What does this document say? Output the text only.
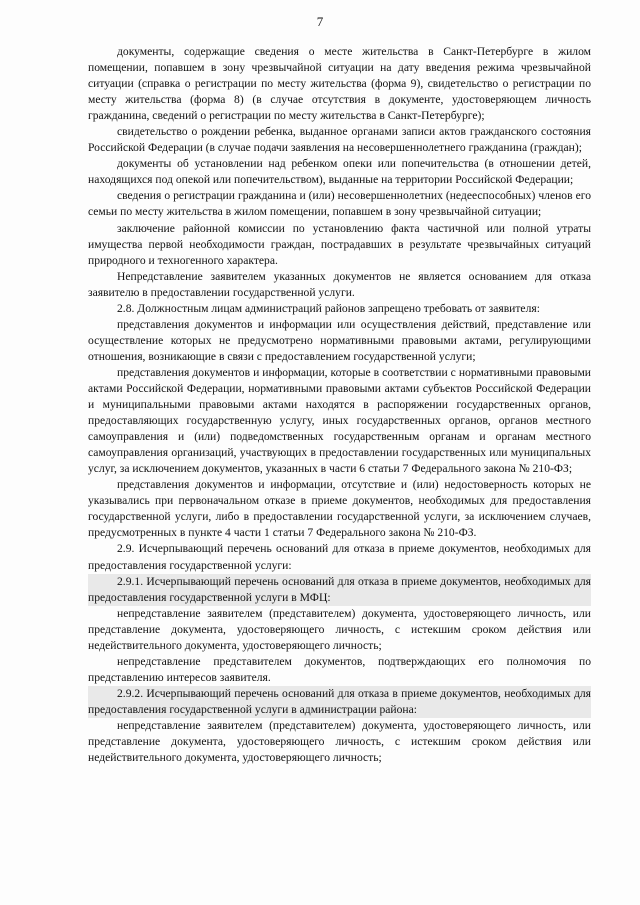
7

документы, содержащие сведения о месте жительства в Санкт-Петербурге в жилом помещении, попавшем в зону чрезвычайной ситуации на дату введения режима чрезвычайной ситуации (справка о регистрации по месту жительства (форма 9), свидетельство о регистрации по месту жительства (форма 8) (в случае отсутствия в документе, удостоверяющем личность гражданина, сведений о регистрации по месту жительства в Санкт-Петербурге);

свидетельство о рождении ребенка, выданное органами записи актов гражданского состояния Российской Федерации (в случае подачи заявления на несовершеннолетнего гражданина (граждан);

документы об установлении над ребенком опеки или попечительства (в отношении детей, находящихся под опекой или попечительством), выданные на территории Российской Федерации;

сведения о регистрации гражданина и (или) несовершеннолетних (недееспособных) членов его семьи по месту жительства в жилом помещении, попавшем в зону чрезвычайной ситуации;

заключение районной комиссии по установлению факта частичной или полной утраты имущества первой необходимости граждан, пострадавших в результате чрезвычайных ситуаций природного и техногенного характера.

Непредставление заявителем указанных документов не является основанием для отказа заявителю в предоставлении государственной услуги.

2.8. Должностным лицам администраций районов запрещено требовать от заявителя:

представления документов и информации или осуществления действий, представление или осуществление которых не предусмотрено нормативными правовыми актами, регулирующими отношения, возникающие в связи с предоставлением государственной услуги;

представления документов и информации, которые в соответствии с нормативными правовыми актами Российской Федерации, нормативными правовыми актами субъектов Российской Федерации и муниципальными правовыми актами находятся в распоряжении государственных органов, предоставляющих государственную услугу, иных государственных органов, органов местного самоуправления и (или) подведомственных государственным органам и органам местного самоуправления организаций, участвующих в предоставлении государственных или муниципальных услуг, за исключением документов, указанных в части 6 статьи 7 Федерального закона № 210-ФЗ;

представления документов и информации, отсутствие и (или) недостоверность которых не указывались при первоначальном отказе в приеме документов, необходимых для предоставления государственной услуги, либо в предоставлении государственной услуги, за исключением случаев, предусмотренных в пункте 4 части 1 статьи 7 Федерального закона № 210-ФЗ.

2.9. Исчерпывающий перечень оснований для отказа в приеме документов, необходимых для предоставления государственной услуги:

2.9.1. Исчерпывающий перечень оснований для отказа в приеме документов, необходимых для предоставления государственной услуги в МФЦ:

непредставление заявителем (представителем) документа, удостоверяющего личность, или представление документа, удостоверяющего личность, с истекшим сроком действия или недействительного документа, удостоверяющего личность;

непредставление представителем документов, подтверждающих его полномочия по представлению интересов заявителя.

2.9.2. Исчерпывающий перечень оснований для отказа в приеме документов, необходимых для предоставления государственной услуги в администрации района:

непредставление заявителем (представителем) документа, удостоверяющего личность, или представление документа, удостоверяющего личность, с истекшим сроком действия или недействительного документа, удостоверяющего личность;
